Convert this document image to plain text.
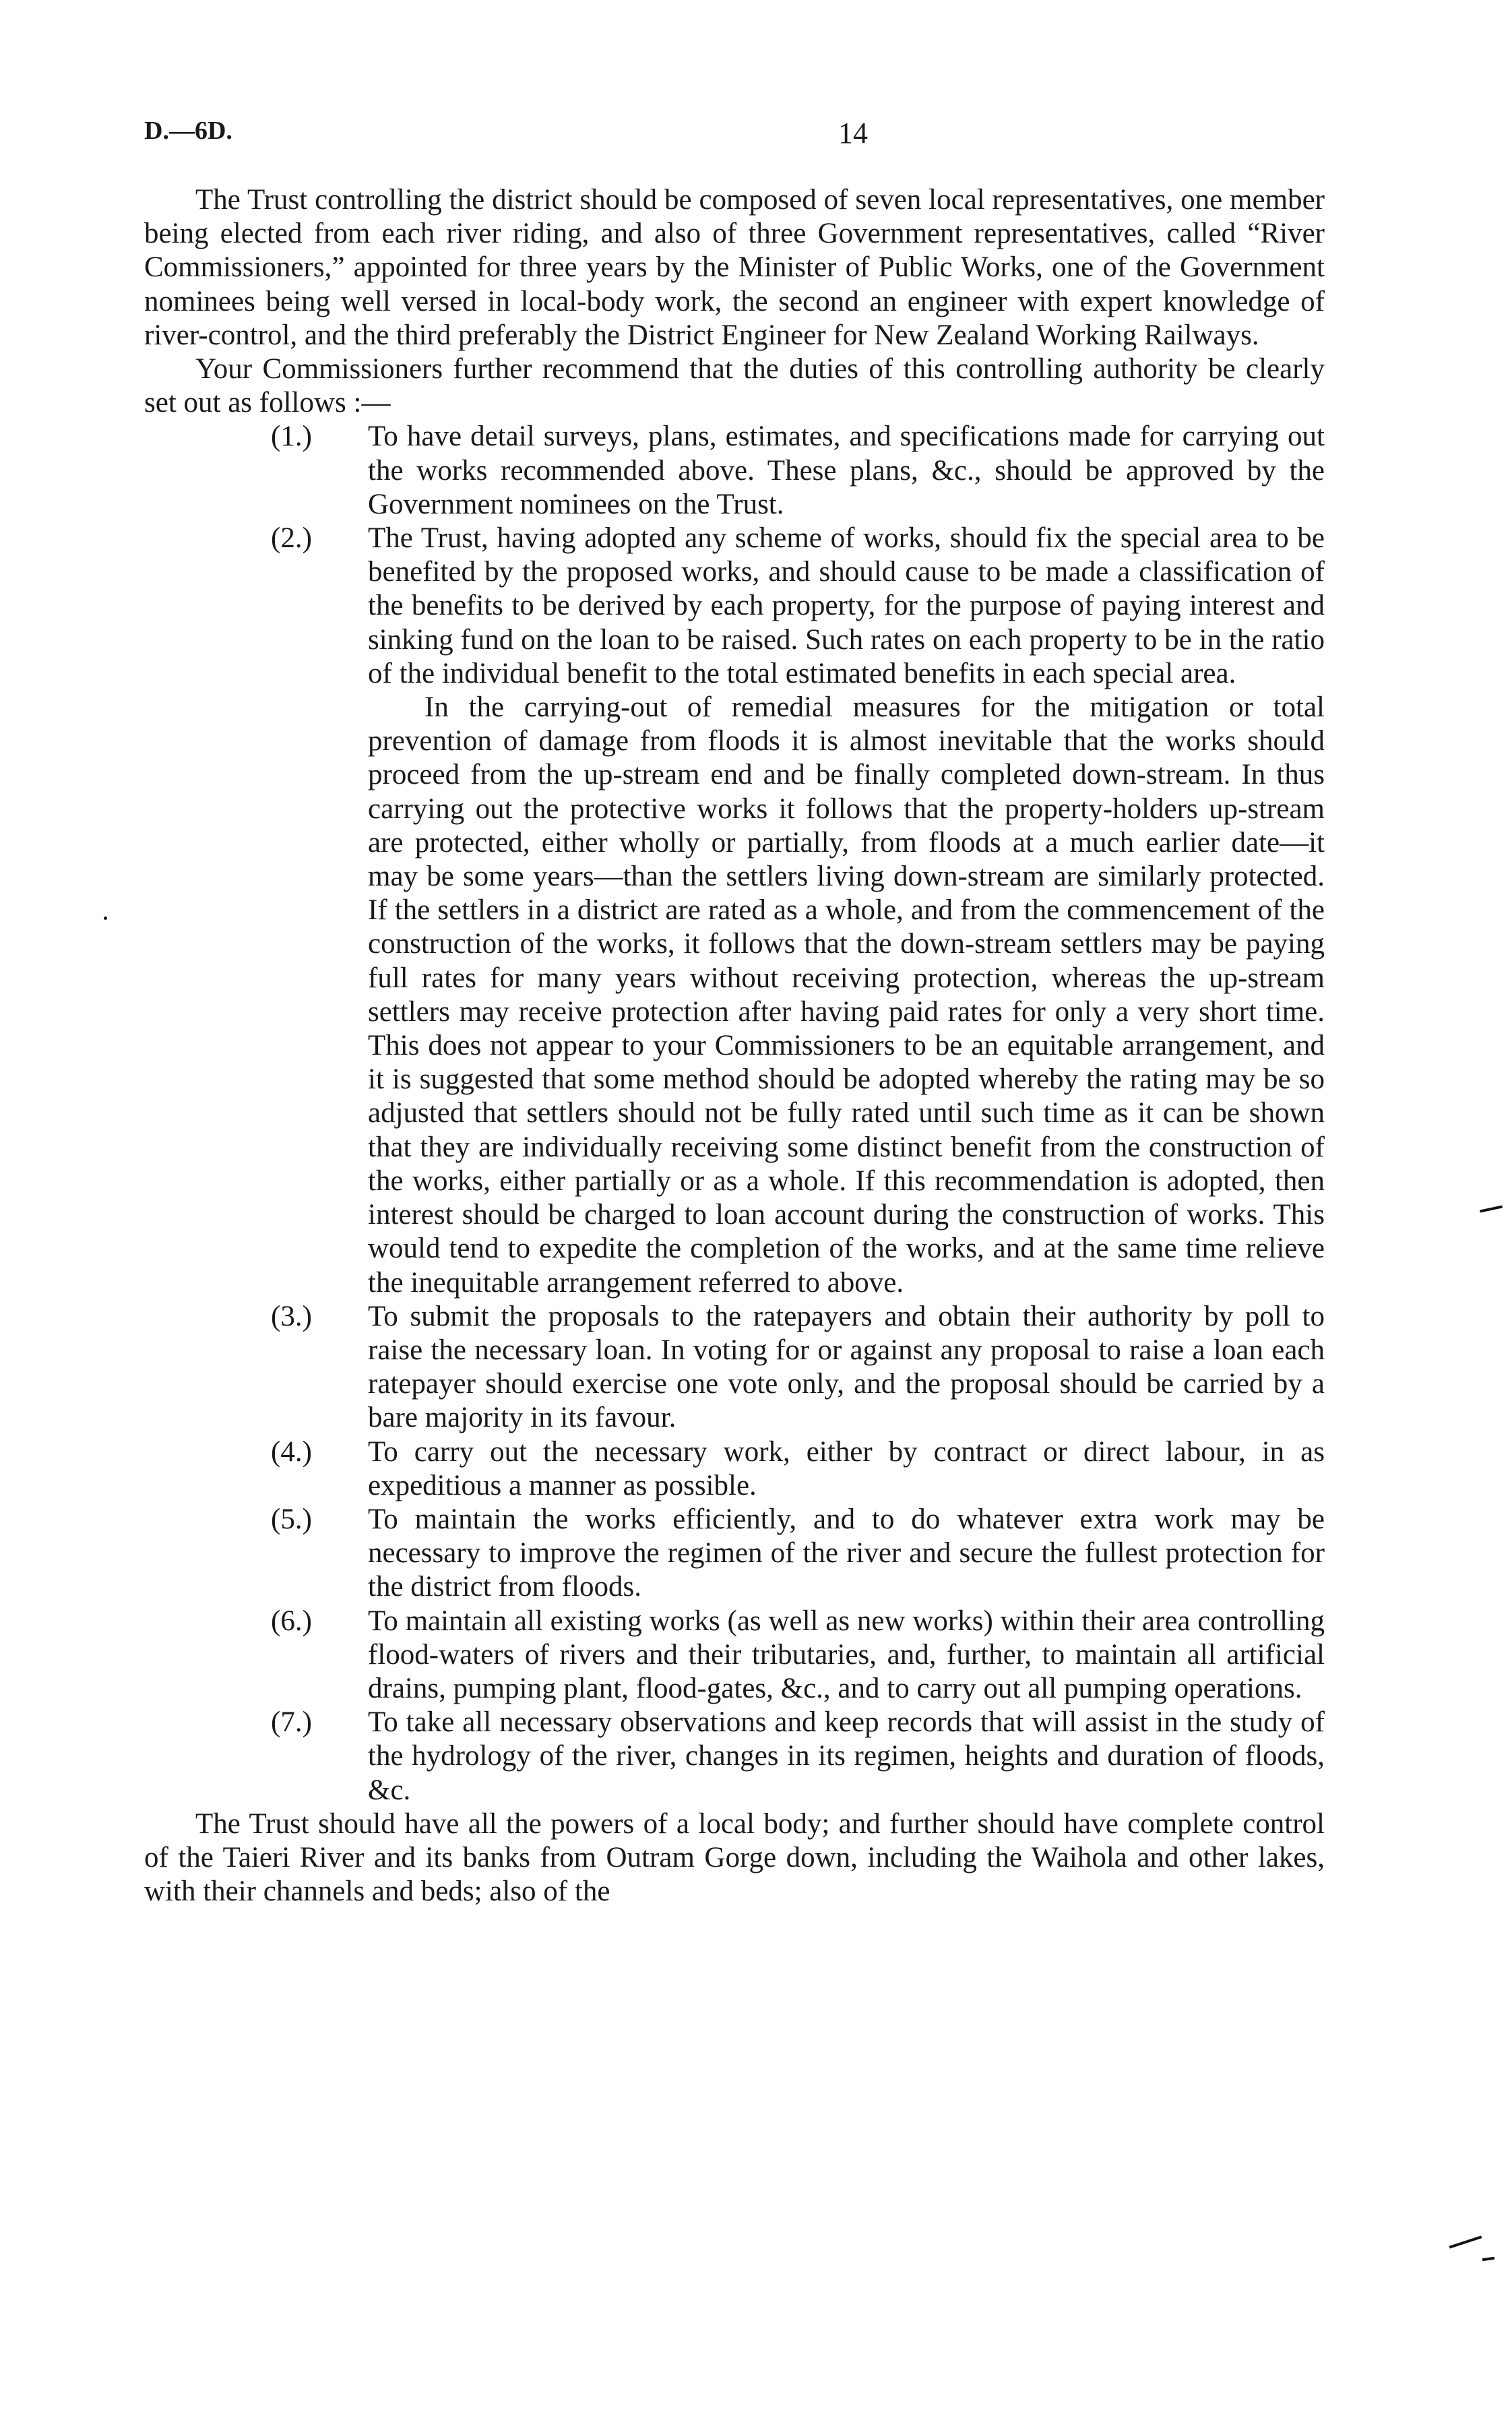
D.—6D.	14

The Trust controlling the district should be composed of seven local representatives, one member being elected from each river riding, and also of three Government representatives, called “River Commissioners,” appointed for three years by the Minister of Public Works, one of the Government nominees being well versed in local-body work, the second an engineer with expert knowledge of river-control, and the third preferably the District Engineer for New Zealand Working Railways.

Your Commissioners further recommend that the duties of this controlling authority be clearly set out as follows :—

(1.) To have detail surveys, plans, estimates, and specifications made for carrying out the works recommended above. These plans, &c., should be approved by the Government nominees on the Trust.

(2.) The Trust, having adopted any scheme of works, should fix the special area to be benefited by the proposed works, and should cause to be made a classification of the benefits to be derived by each property, for the purpose of paying interest and sinking fund on the loan to be raised. Such rates on each property to be in the ratio of the individual benefit to the total estimated benefits in each special area.

In the carrying-out of remedial measures for the mitigation or total prevention of damage from floods it is almost inevitable that the works should proceed from the up-stream end and be finally completed down-stream. In thus carrying out the protective works it follows that the property-holders up-stream are protected, either wholly or partially, from floods at a much earlier date—it may be some years—than the settlers living down-stream are similarly protected. If the settlers in a district are rated as a whole, and from the commencement of the construction of the works, it follows that the down-stream settlers may be paying full rates for many years without receiving protection, whereas the up-stream settlers may receive protection after having paid rates for only a very short time. This does not appear to your Commissioners to be an equitable arrangement, and it is suggested that some method should be adopted whereby the rating may be so adjusted that settlers should not be fully rated until such time as it can be shown that they are individually receiving some distinct benefit from the construction of the works, either partially or as a whole. If this recommendation is adopted, then interest should be charged to loan account during the construction of works. This would tend to expedite the completion of the works, and at the same time relieve the inequitable arrangement referred to above.

(3.) To submit the proposals to the ratepayers and obtain their authority by poll to raise the necessary loan. In voting for or against any proposal to raise a loan each ratepayer should exercise one vote only, and the proposal should be carried by a bare majority in its favour.

(4.) To carry out the necessary work, either by contract or direct labour, in as expeditious a manner as possible.

(5.) To maintain the works efficiently, and to do whatever extra work may be necessary to improve the regimen of the river and secure the fullest protection for the district from floods.

(6.) To maintain all existing works (as well as new works) within their area controlling flood-waters of rivers and their tributaries, and, further, to maintain all artificial drains, pumping plant, flood-gates, &c., and to carry out all pumping operations.

(7.) To take all necessary observations and keep records that will assist in the study of the hydrology of the river, changes in its regimen, heights and duration of floods, &c.

The Trust should have all the powers of a local body; and further should have complete control of the Taieri River and its banks from Outram Gorge down, including the Waihola and other lakes, with their channels and beds; also of the
